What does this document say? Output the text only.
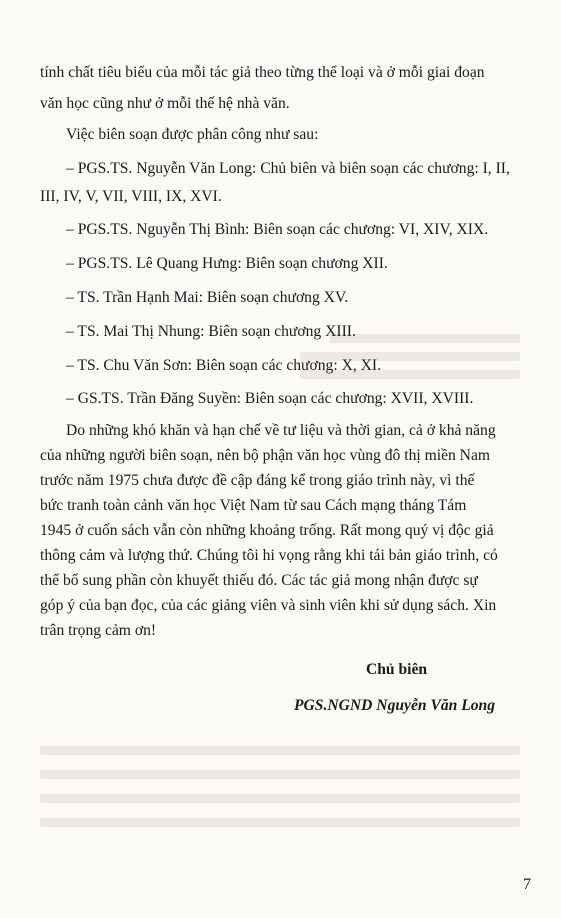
tính chất tiêu biểu của mỗi tác giả theo từng thể loại và ở mỗi giai đoạn
văn học cũng như ở mỗi thế hệ nhà văn.
Việc biên soạn được phân công như sau:
– PGS.TS. Nguyễn Văn Long: Chủ biên và biên soạn các chương: I, II,
III, IV, V, VII, VIII, IX, XVI.
– PGS.TS. Nguyễn Thị Bình: Biên soạn các chương: VI, XIV, XIX.
– PGS.TS. Lê Quang Hưng: Biên soạn chương XII.
– TS. Trần Hạnh Mai: Biên soạn chương XV.
– TS. Mai Thị Nhung: Biên soạn chương XIII.
– TS. Chu Văn Sơn: Biên soạn các chương: X, XI.
– GS.TS. Trần Đăng Suyền: Biên soạn các chương: XVII, XVIII.
Do những khó khăn và hạn chế về tư liệu và thời gian, cả ở khả năng
của những người biên soạn, nên bộ phận văn học vùng đô thị miền Nam
trước năm 1975 chưa được đề cập đáng kể trong giáo trình này, vì thế
bức tranh toàn cảnh văn học Việt Nam từ sau Cách mạng tháng Tám
1945 ở cuốn sách vẫn còn những khoảng trống. Rất mong quý vị độc giả
thông cảm và lượng thứ. Chúng tôi hi vọng rằng khi tái bản giáo trình, có
thể bổ sung phần còn khuyết thiếu đó. Các tác giả mong nhận được sự
góp ý của bạn đọc, của các giảng viên và sinh viên khi sử dụng sách. Xin
trân trọng cảm ơn!
Chủ biên
PGS.NGND Nguyễn Văn Long
7
